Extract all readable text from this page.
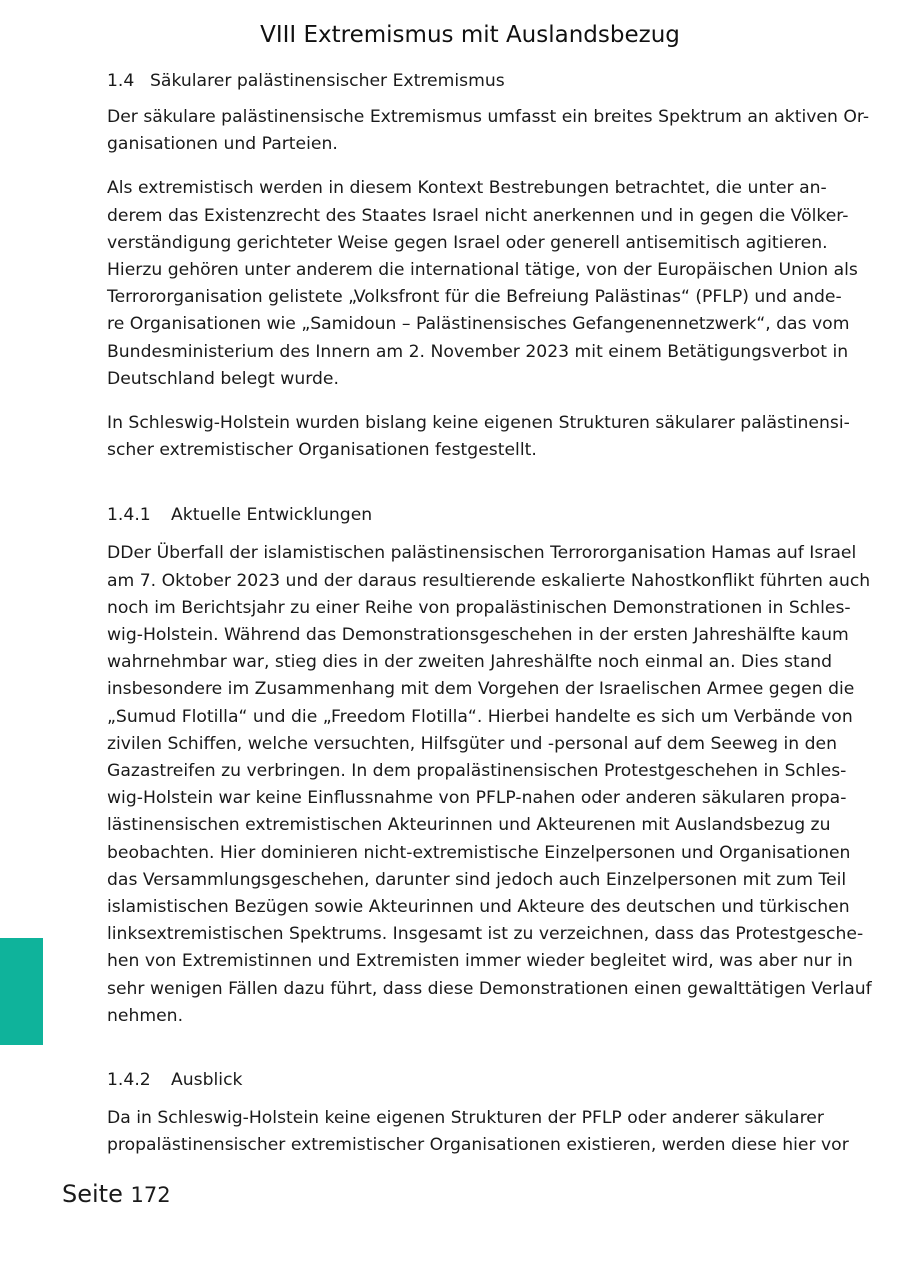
VIII Extremismus mit Auslandsbezug
1.4 Säkularer palästinensischer Extremismus

Der säkulare palästinensische Extremismus umfasst ein breites Spektrum an aktiven Or-
ganisationen und Parteien.

Als extremistisch werden in diesem Kontext Bestrebungen betrachtet, die unter an-
derem das Existenzrecht des Staates Israel nicht anerkennen und in gegen die Völker-
verständigung gerichteter Weise gegen Israel oder generell antisemitisch agitieren.
Hierzu gehören unter anderem die international tätige, von der Europäischen Union als
Terrororganisation gelistete „Volksfront für die Befreiung Palästinas“ (PFLP) und ande-
re Organisationen wie „Samidoun – Palästinensisches Gefangenennetzwerk“, das vom
Bundesministerium des Innern am 2. November 2023 mit einem Betätigungsverbot in
Deutschland belegt wurde.

In Schleswig-Holstein wurden bislang keine eigenen Strukturen säkularer palästinensi-
scher extremistischer Organisationen festgestellt.

1.4.1 Aktuelle Entwicklungen

DDer Überfall der islamistischen palästinensischen Terrororganisation Hamas auf Israel
am 7. Oktober 2023 und der daraus resultierende eskalierte Nahostkonflikt führten auch
noch im Berichtsjahr zu einer Reihe von propalästinischen Demonstrationen in Schles-
wig-Holstein. Während das Demonstrationsgeschehen in der ersten Jahreshälfte kaum
wahrnehmbar war, stieg dies in der zweiten Jahreshälfte noch einmal an. Dies stand
insbesondere im Zusammenhang mit dem Vorgehen der Israelischen Armee gegen die
„Sumud Flotilla“ und die „Freedom Flotilla“. Hierbei handelte es sich um Verbände von
zivilen Schiffen, welche versuchten, Hilfsgüter und -personal auf dem Seeweg in den
Gazastreifen zu verbringen. In dem propalästinensischen Protestgeschehen in Schles-
wig-Holstein war keine Einflussnahme von PFLP-nahen oder anderen säkularen propa-
lästinensischen extremistischen Akteurinnen und Akteurenen mit Auslandsbezug zu
beobachten. Hier dominieren nicht-extremistische Einzelpersonen und Organisationen
das Versammlungsgeschehen, darunter sind jedoch auch Einzelpersonen mit zum Teil
islamistischen Bezügen sowie Akteurinnen und Akteure des deutschen und türkischen
linksextremistischen Spektrums. Insgesamt ist zu verzeichnen, dass das Protestgesche-
hen von Extremistinnen und Extremisten immer wieder begleitet wird, was aber nur in
sehr wenigen Fällen dazu führt, dass diese Demonstrationen einen gewalttätigen Verlauf
nehmen.

1.4.2 Ausblick

Da in Schleswig-Holstein keine eigenen Strukturen der PFLP oder anderer säkularer
propalästinensischer extremistischer Organisationen existieren, werden diese hier vor

Seite 172
